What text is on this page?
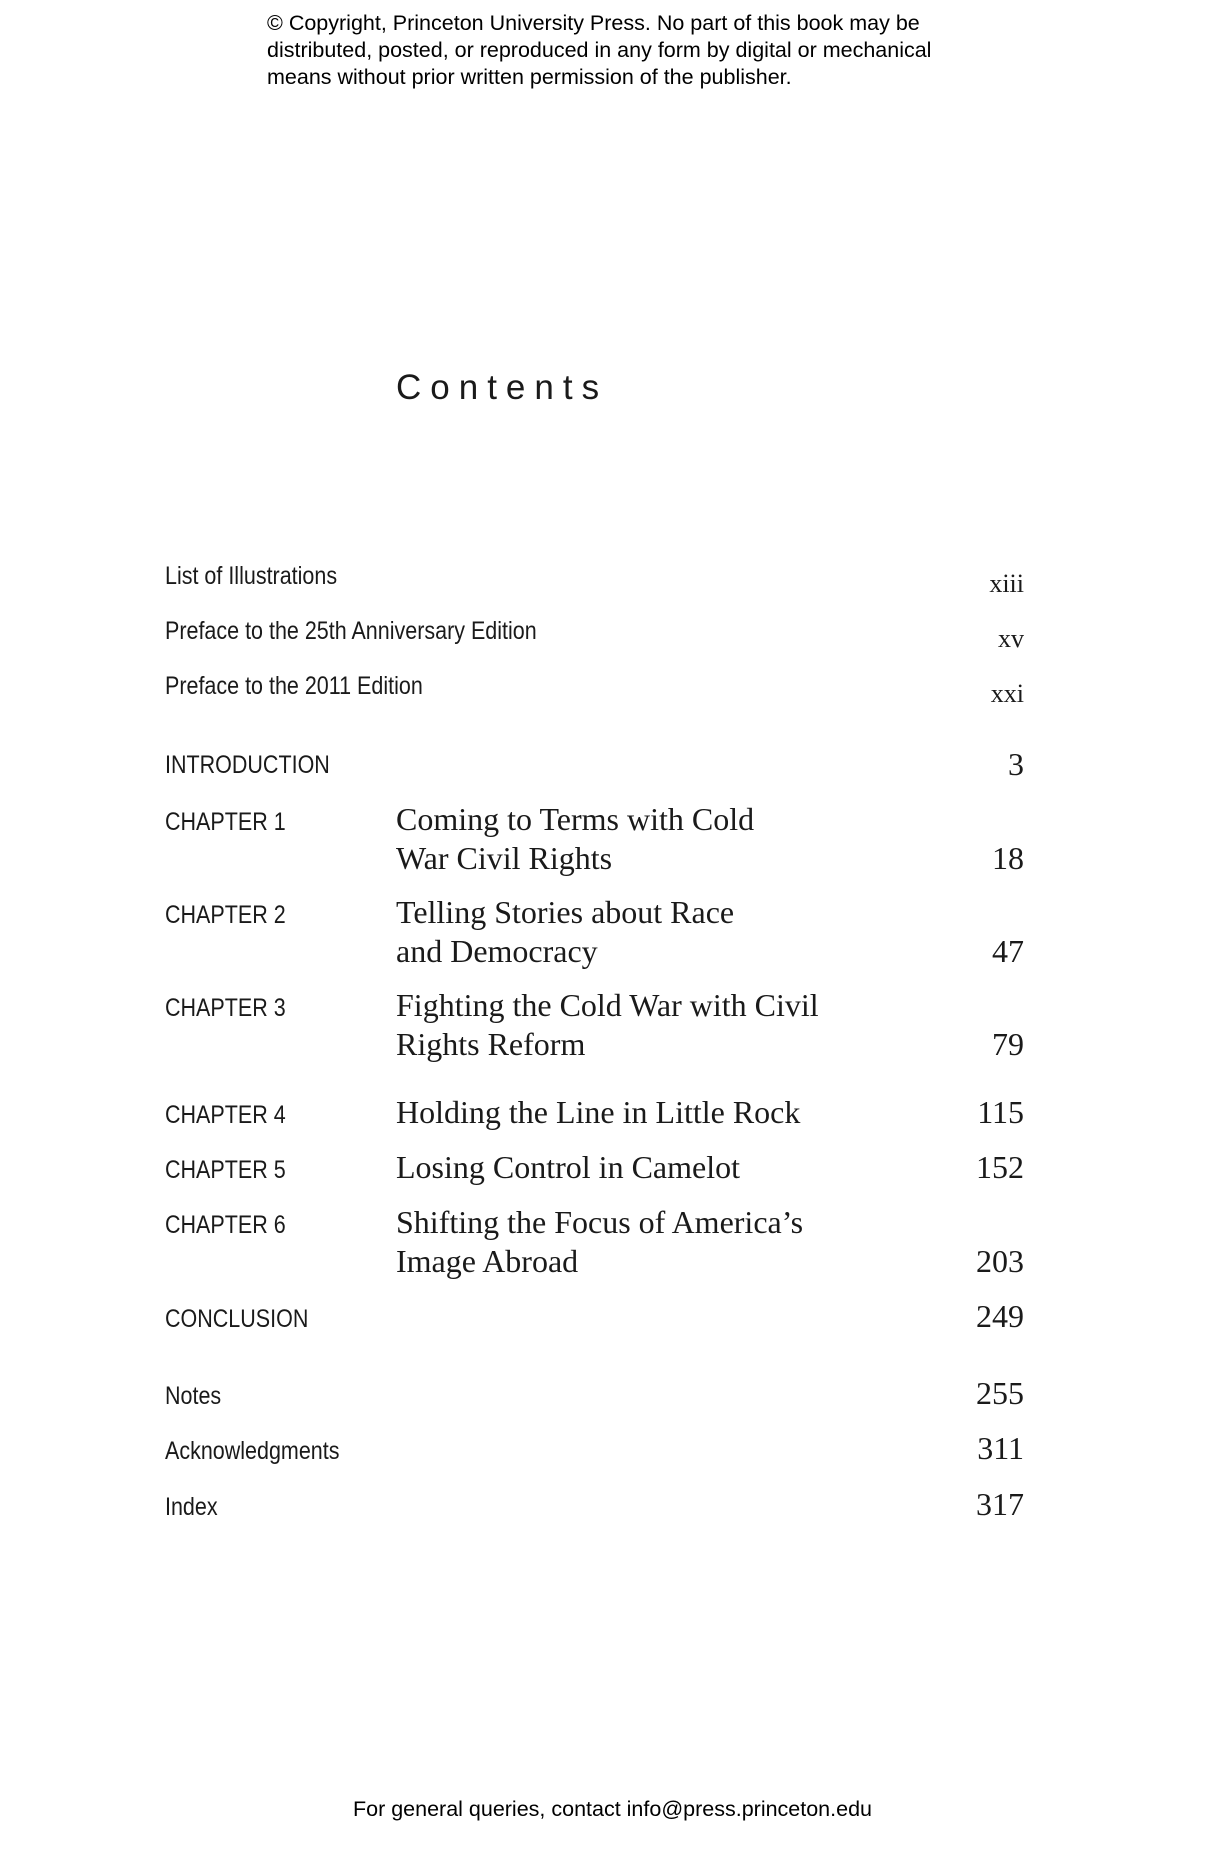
© Copyright, Princeton University Press. No part of this book may be
distributed, posted, or reproduced in any form by digital or mechanical
means without prior written permission of the publisher.
Contents
List of Illustrations	xiii
Preface to the 25th Anniversary Edition	xv
Preface to the 2011 Edition	xxi
INTRODUCTION	3
CHAPTER 1	Coming to Terms with Cold
War Civil Rights	18
CHAPTER 2	Telling Stories about Race
and Democracy	47
CHAPTER 3	Fighting the Cold War with Civil
Rights Reform	79
CHAPTER 4	Holding the Line in Little Rock	115
CHAPTER 5	Losing Control in Camelot	152
CHAPTER 6	Shifting the Focus of America’s
Image Abroad	203
CONCLUSION	249
Notes	255
Acknowledgments	311
Index	317
For general queries, contact info@press.princeton.edu
